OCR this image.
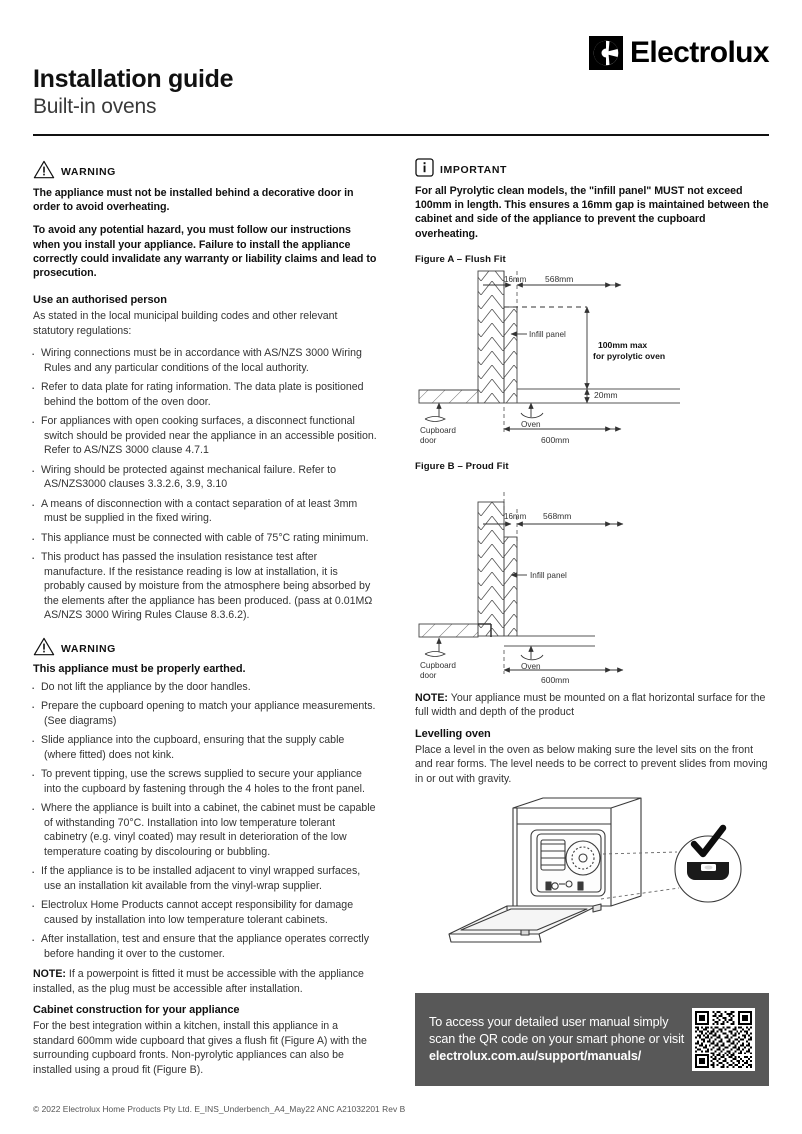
Electrolux
Installation guide
Built-in ovens
WARNING

The appliance must not be installed behind a decorative door in order to avoid overheating.

To avoid any potential hazard, you must follow our instructions when you install your appliance. Failure to install the appliance correctly could invalidate any warranty or liability claims and lead to prosecution.

Use an authorised person

As stated in the local municipal building codes and other relevant statutory regulations:

· Wiring connections must be in accordance with AS/NZS 3000 Wiring Rules and any particular conditions of the local authority.
· Refer to data plate for rating information. The data plate is positioned behind the bottom of the oven door.
· For appliances with open cooking surfaces, a disconnect functional switch should be provided near the appliance in an accessible position. Refer to AS/NZS 3000 clause 4.7.1
· Wiring should be protected against mechanical failure. Refer to AS/NZS3000 clauses 3.3.2.6, 3.9, 3.10
· A means of disconnection with a contact separation of at least 3mm must be supplied in the fixed wiring.
· This appliance must be connected with cable of 75°C rating minimum.
· This product has passed the insulation resistance test after manufacture. If the resistance reading is low at installation, it is probably caused by moisture from the atmosphere being absorbed by the elements after the appliance has been produced. (pass at 0.01MΩ AS/NZS 3000 Wiring Rules Clause 8.3.6.2).
WARNING
This appliance must be properly earthed.
· Do not lift the appliance by the door handles.
· Prepare the cupboard opening to match your appliance measurements. (See diagrams)
· Slide appliance into the cupboard, ensuring that the supply cable (where fitted) does not kink.
· To prevent tipping, use the screws supplied to secure your appliance into the cupboard by fastening through the 4 holes to the front panel.
· Where the appliance is built into a cabinet, the cabinet must be capable of withstanding 70°C. Installation into low temperature tolerant cabinetry (e.g. vinyl coated) may result in deterioration of the low temperature coating by discolouring or bubbling.
· If the appliance is to be installed adjacent to vinyl wrapped surfaces, use an installation kit available from the vinyl-wrap supplier.
· Electrolux Home Products cannot accept responsibility for damage caused by installation into low temperature tolerant cabinets.
· After installation, test and ensure that the appliance operates correctly before handing it over to the customer.

NOTE: If a powerpoint is fitted it must be accessible with the appliance installed, as the plug must be accessible after installation.

Cabinet construction for your appliance

For the best integration within a kitchen, install this appliance in a standard 600mm wide cupboard that gives a flush fit (Figure A) with the surrounding cupboard fronts. Non-pyrolytic appliances can also be installed using a proud fit (Figure B).

IMPORTANT

For all Pyrolytic clean models, the "infill panel" MUST not exceed 100mm in length. This ensures a 16mm gap is maintained between the cabinet and side of the appliance to prevent the cupboard overheating.

Figure A – Flush Fit
16mm 568mm
100mm max
for pyrolytic oven
20mm
Infill panel
Cupboard
door
Oven
600mm
Figure B – Proud Fit
16mm 568mm
Infill panel
Cupboard
door
Oven
600mm

NOTE: Your appliance must be mounted on a flat horizontal surface for the full width and depth of the product

Levelling oven

Place a level in the oven as below making sure the level sits on the front and rear forms. The level needs to be correct to prevent slides from moving in or out with gravity.

To access your detailed user manual simply scan the QR code on your smart phone or visit electrolux.com.au/support/manuals/
© 2022 Electrolux Home Products Pty Ltd. E_INS_Underbench_A4_May22 ANC A21032201 Rev B
